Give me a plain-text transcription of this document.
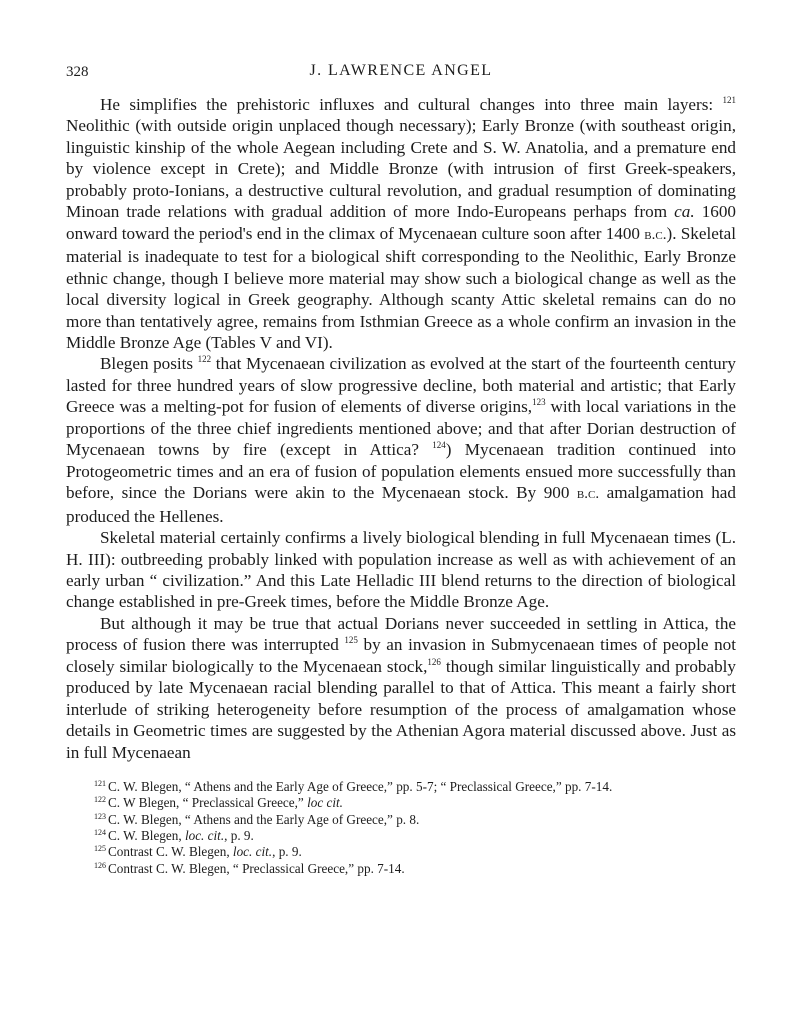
328	J. LAWRENCE ANGEL

He simplifies the prehistoric influxes and cultural changes into three main layers: $^{121}$ Neolithic (with outside origin unplaced though necessary); Early Bronze (with southeast origin, linguistic kinship of the whole Aegean including Crete and S. W. Anatolia, and a premature end by violence except in Crete); and Middle Bronze (with intrusion of first Greek-speakers, probably proto-Ionians, a destructive cultural revolution, and gradual resumption of dominating Minoan trade relations with gradual addition of more Indo-Europeans perhaps from ca. 1600 onward toward the period's end in the climax of Mycenaean culture soon after 1400 b.c.). Skeletal material is inadequate to test for a biological shift corresponding to the Neolithic, Early Bronze ethnic change, though I believe more material may show such a biological change as well as the local diversity logical in Greek geography. Although scanty Attic skeletal remains can do no more than tentatively agree, remains from Isthmian Greece as a whole confirm an invasion in the Middle Bronze Age (Tables V and VI).

Blegen posits $^{122}$ that Mycenaean civilization as evolved at the start of the fourteenth century lasted for three hundred years of slow progressive decline, both material and artistic; that Early Greece was a melting-pot for fusion of elements of diverse origins,$^{123}$ with local variations in the proportions of the three chief ingredients mentioned above; and that after Dorian destruction of Mycenaean towns by fire (except in Attica? $^{124}$) Mycenaean tradition continued into Protogeometric times and an era of fusion of population elements ensued more successfully than before, since the Dorians were akin to the Mycenaean stock. By 900 b.c. amalgamation had produced the Hellenes.

Skeletal material certainly confirms a lively biological blending in full Mycenaean times (L. H. III): outbreeding probably linked with population increase as well as with achievement of an early urban “ civilization.” And this Late Helladic III blend returns to the direction of biological change established in pre-Greek times, before the Middle Bronze Age.

But although it may be true that actual Dorians never succeeded in settling in Attica, the process of fusion there was interrupted $^{125}$ by an invasion in Submycenaean times of people not closely similar biologically to the Mycenaean stock,$^{126}$ though similar linguistically and probably produced by late Mycenaean racial blending parallel to that of Attica. This meant a fairly short interlude of striking heterogeneity before resumption of the process of amalgamation whose details in Geometric times are suggested by the Athenian Agora material discussed above. Just as in full Mycenaean

$^{121}$ C. W. Blegen, “ Athens and the Early Age of Greece,” pp. 5-7; “ Preclassical Greece,” pp. 7-14.
$^{122}$ C. W Blegen, “ Preclassical Greece,” loc cit.
$^{123}$ C. W. Blegen, “ Athens and the Early Age of Greece,” p. 8.
$^{124}$ C. W. Blegen, loc. cit., p. 9.
$^{125}$ Contrast C. W. Blegen, loc. cit., p. 9.
$^{126}$ Contrast C. W. Blegen, “ Preclassical Greece,” pp. 7-14.
